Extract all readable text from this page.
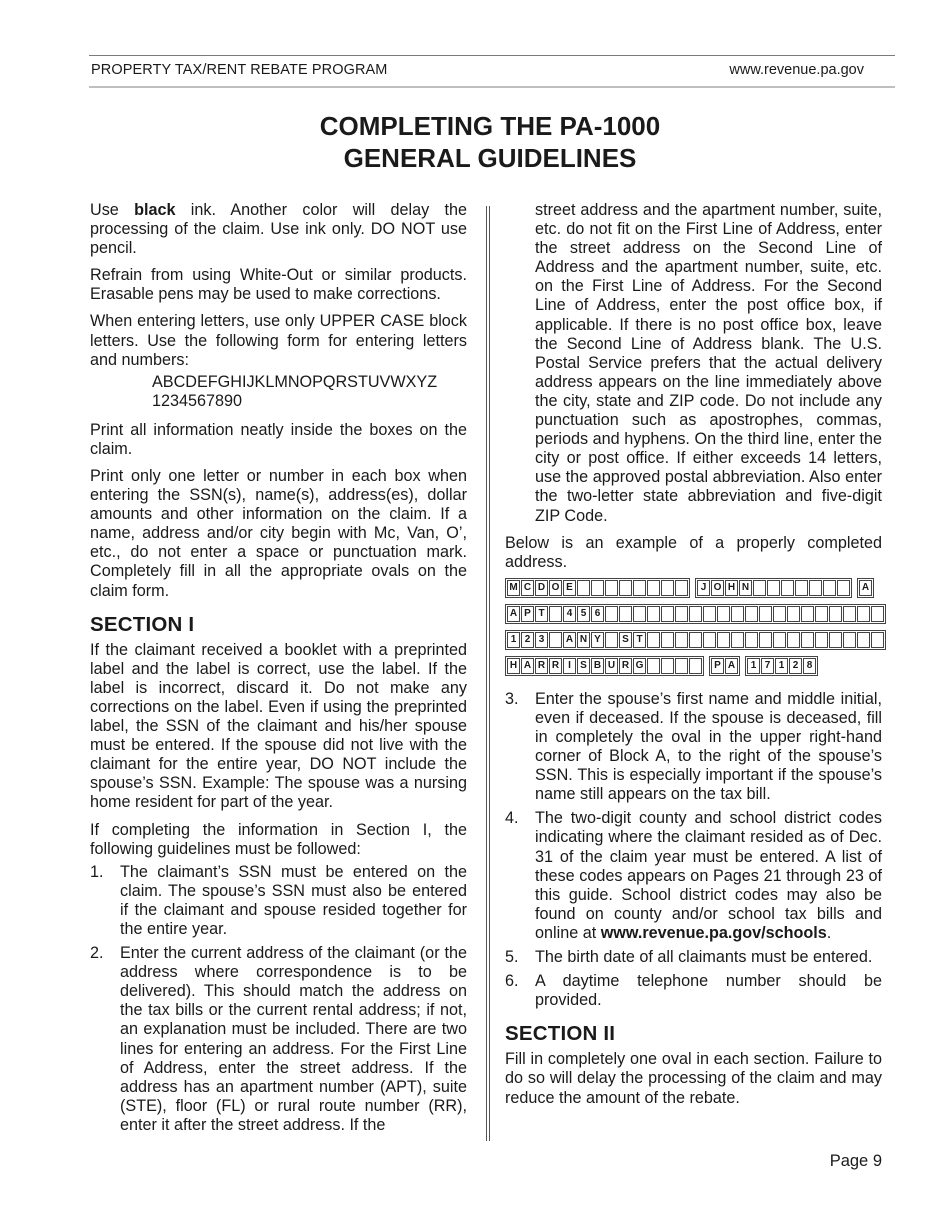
PROPERTY TAX/RENT REBATE PROGRAM	www.revenue.pa.gov
COMPLETING THE PA-1000
GENERAL GUIDELINES

Use black ink. Another color will delay the processing of the claim. Use ink only. DO NOT use pencil.

Refrain from using White-Out or similar products. Erasable pens may be used to make corrections.

When entering letters, use only UPPER CASE block letters. Use the following form for entering letters and numbers:

ABCDEFGHIJKLMNOPQRSTUVWXYZ
1234567890

Print all information neatly inside the boxes on the claim.

Print only one letter or number in each box when entering the SSN(s), name(s), address(es), dollar amounts and other information on the claim. If a name, address and/or city begin with Mc, Van, O’, etc., do not enter a space or punctuation mark. Completely fill in all the appropriate ovals on the claim form.

SECTION I

If the claimant received a booklet with a preprinted label and the label is correct, use the label. If the label is incorrect, discard it. Do not make any corrections on the label. Even if using the preprinted label, the SSN of the claimant and his/her spouse must be entered. If the spouse did not live with the claimant for the entire year, DO NOT include the spouse’s SSN. Example: The spouse was a nursing home resident for part of the year.

If completing the information in Section I, the following guidelines must be followed:

1.	The claimant’s SSN must be entered on the claim. The spouse’s SSN must also be entered if the claimant and spouse resided together for the entire year.
2.	Enter the current address of the claimant (or the address where correspondence is to be delivered). This should match the address on the tax bills or the current rental address; if not, an explanation must be included. There are two lines for entering an address. For the First Line of Address, enter the street address. If the address has an apartment number (APT), suite (STE), floor (FL) or rural route number (RR), enter it after the street address. If the

street address and the apartment number, suite, etc. do not fit on the First Line of Address, enter the street address on the Second Line of Address and the apartment number, suite, etc. on the First Line of Address. For the Second Line of Address, enter the post office box, if applicable. If there is no post office box, leave the Second Line of Address blank. The U.S. Postal Service prefers that the actual delivery address appears on the line immediately above the city, state and ZIP code. Do not include any punctuation such as apostrophes, commas, periods and hyphens. On the third line, enter the city or post office. If either exceeds 14 letters, use the approved postal abbreviation. Also enter the two-letter state abbreviation and five-digit ZIP Code.

Below is an example of a properly completed address.

M C D O E	J O H N	A
A P T	4 5 6
1 2 3	A N Y	S T
H A R R I S B U R G	P A	1 7 1 2 8
3.	Enter the spouse’s first name and middle initial, even if deceased. If the spouse is deceased, fill in completely the oval in the upper right-hand corner of Block A, to the right of the spouse’s SSN. This is especially important if the spouse’s name still appears on the tax bill.
4.	The two-digit county and school district codes indicating where the claimant resided as of Dec. 31 of the claim year must be entered. A list of these codes appears on Pages 21 through 23 of this guide. School district codes may also be found on county and/or school tax bills and online at www.revenue.pa.gov/schools.
5.	The birth date of all claimants must be entered.
6.	A daytime telephone number should be provided.
SECTION II

Fill in completely one oval in each section. Failure to do so will delay the processing of the claim and may reduce the amount of the rebate.

Page 9
